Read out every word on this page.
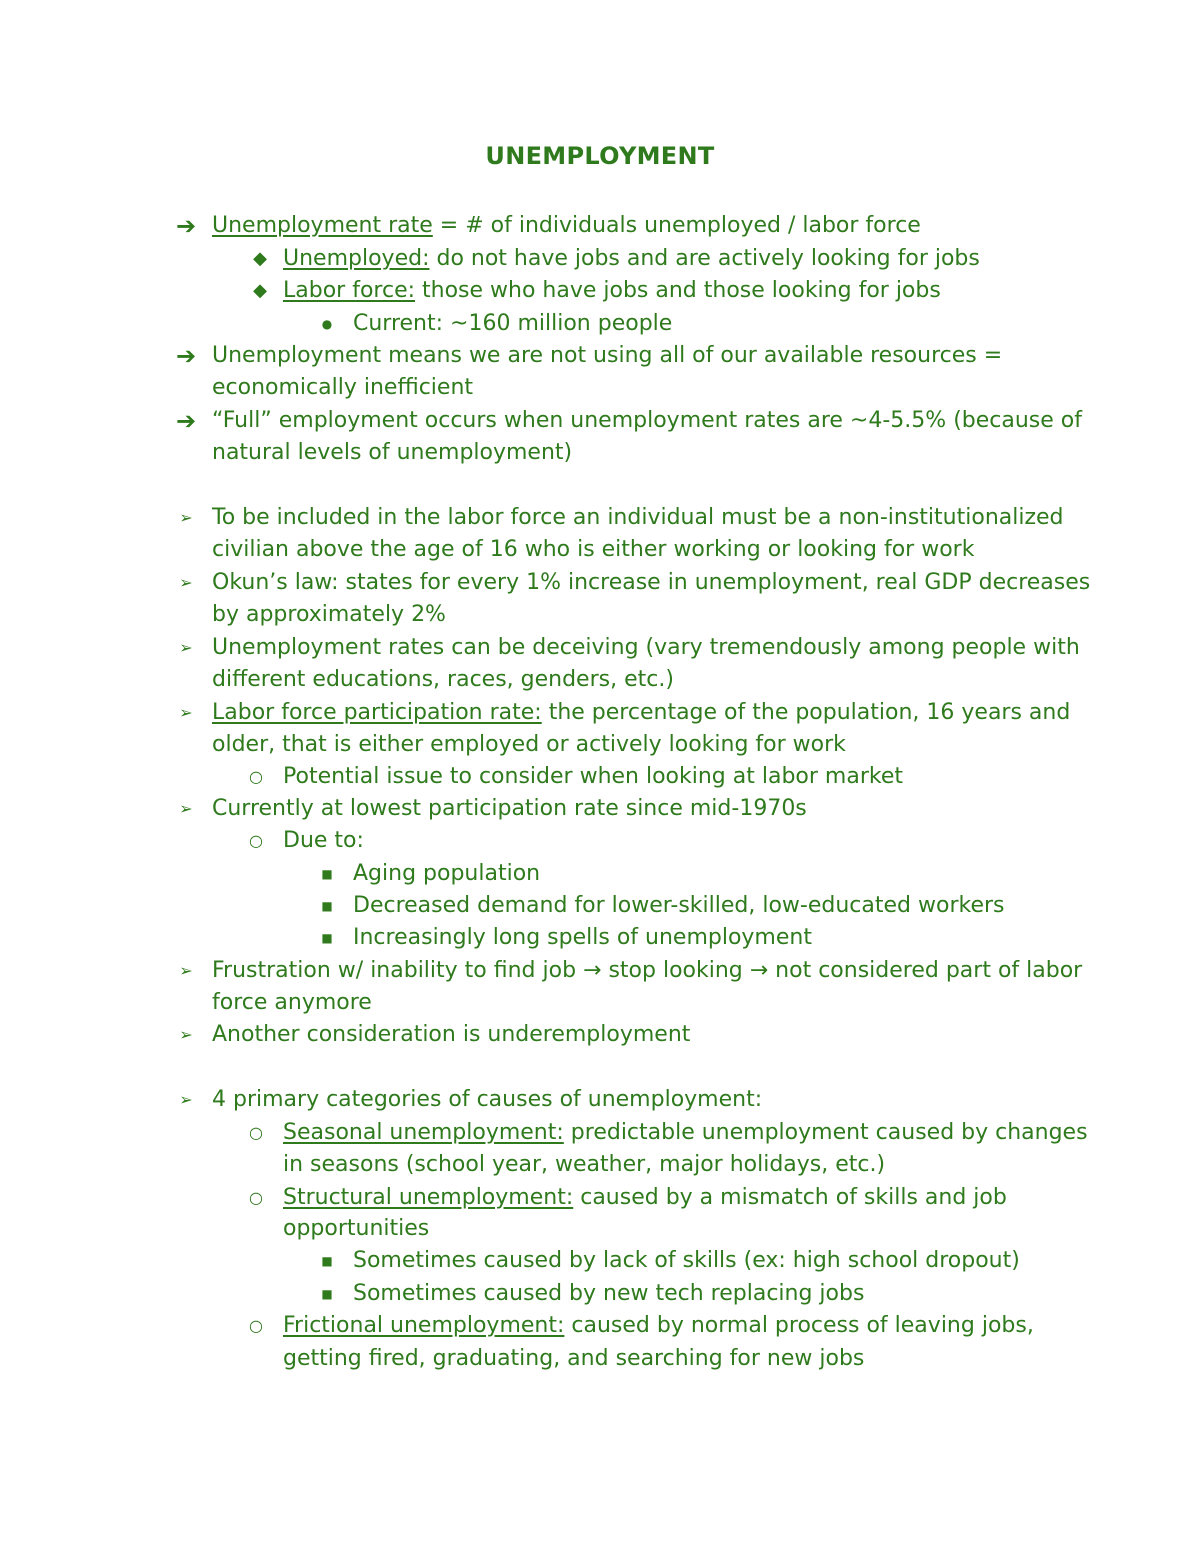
UNEMPLOYMENT
➔ Unemployment rate = # of individuals unemployed / labor force
◆ Unemployed: do not have jobs and are actively looking for jobs
◆ Labor force: those who have jobs and those looking for jobs
● Current: ~160 million people
➔ Unemployment means we are not using all of our available resources =
economically inefficient
➔ “Full” employment occurs when unemployment rates are ~4-5.5% (because of
natural levels of unemployment)
➢ To be included in the labor force an individual must be a non-institutionalized
civilian above the age of 16 who is either working or looking for work
➢ Okun’s law: states for every 1% increase in unemployment, real GDP decreases
by approximately 2%
➢ Unemployment rates can be deceiving (vary tremendously among people with
different educations, races, genders, etc.)
➢ Labor force participation rate: the percentage of the population, 16 years and
older, that is either employed or actively looking for work
○ Potential issue to consider when looking at labor market
➢ Currently at lowest participation rate since mid-1970s
○ Due to:
■ Aging population
■ Decreased demand for lower-skilled, low-educated workers
■ Increasingly long spells of unemployment
➢ Frustration w/ inability to find job → stop looking → not considered part of labor
force anymore
➢ Another consideration is underemployment
➢ 4 primary categories of causes of unemployment:
○ Seasonal unemployment: predictable unemployment caused by changes
in seasons (school year, weather, major holidays, etc.)
○ Structural unemployment: caused by a mismatch of skills and job
opportunities
■ Sometimes caused by lack of skills (ex: high school dropout)
■ Sometimes caused by new tech replacing jobs
○ Frictional unemployment: caused by normal process of leaving jobs,
getting fired, graduating, and searching for new jobs
